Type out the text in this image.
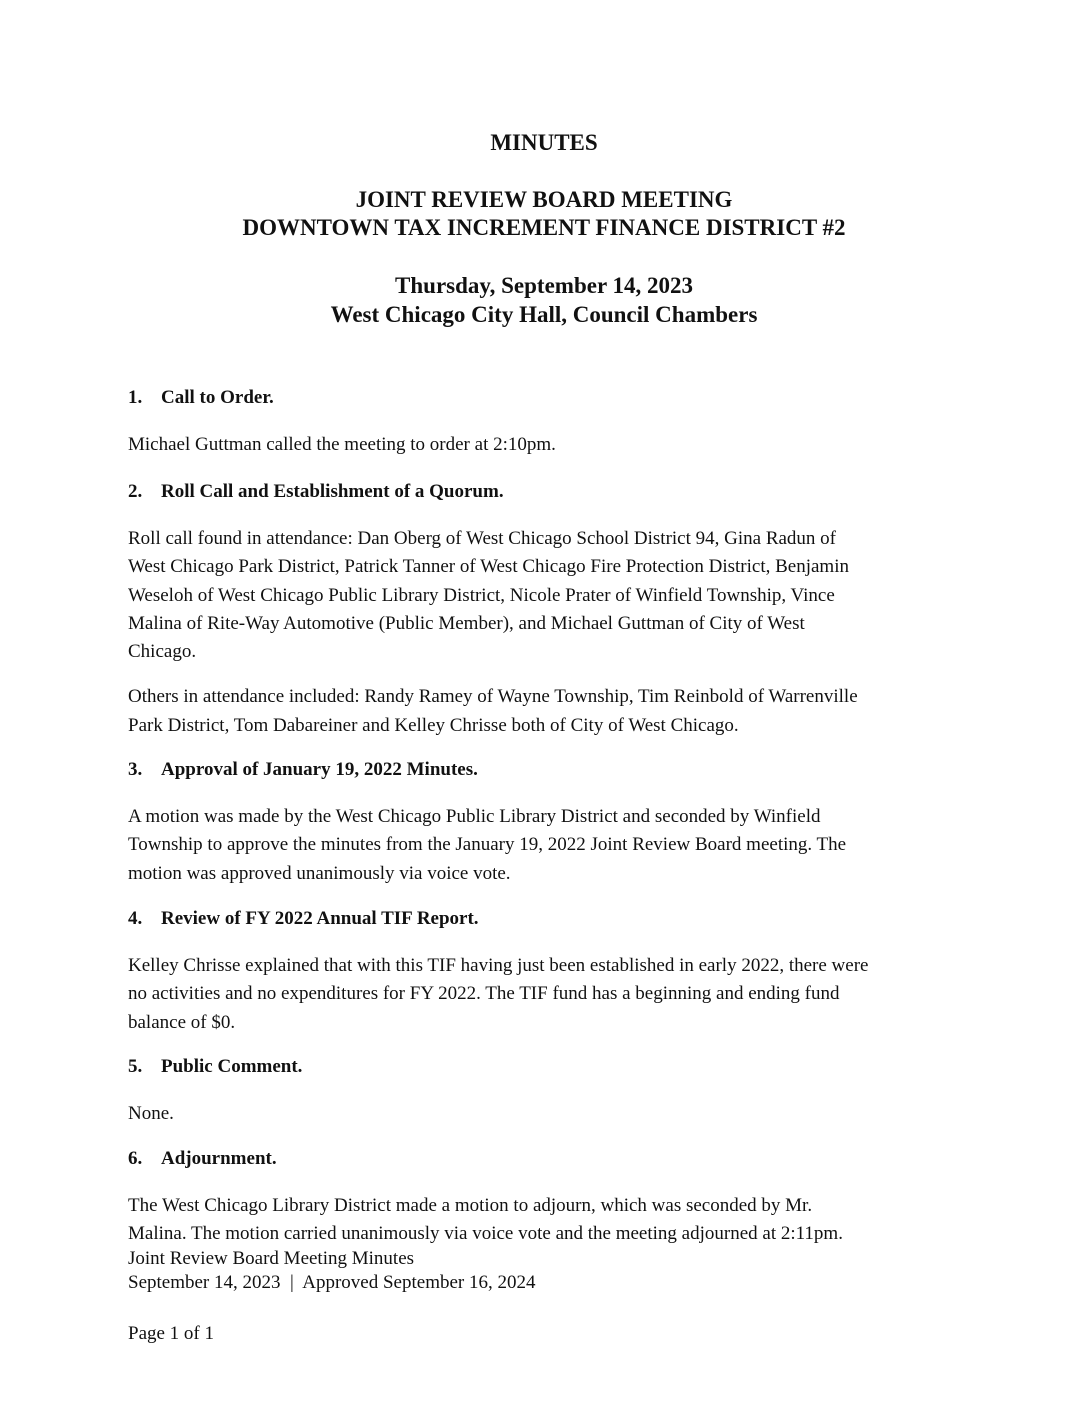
MINUTES
JOINT REVIEW BOARD MEETING
DOWNTOWN TAX INCREMENT FINANCE DISTRICT #2
Thursday, September 14, 2023
West Chicago City Hall, Council Chambers

1. Call to Order.

Michael Guttman called the meeting to order at 2:10pm.

2. Roll Call and Establishment of a Quorum.

Roll call found in attendance: Dan Oberg of West Chicago School District 94, Gina Radun of
West Chicago Park District, Patrick Tanner of West Chicago Fire Protection District, Benjamin
Weseloh of West Chicago Public Library District, Nicole Prater of Winfield Township, Vince
Malina of Rite-Way Automotive (Public Member), and Michael Guttman of City of West
Chicago.

Others in attendance included: Randy Ramey of Wayne Township, Tim Reinbold of Warrenville
Park District, Tom Dabareiner and Kelley Chrisse both of City of West Chicago.

3. Approval of January 19, 2022 Minutes.

A motion was made by the West Chicago Public Library District and seconded by Winfield
Township to approve the minutes from the January 19, 2022 Joint Review Board meeting. The
motion was approved unanimously via voice vote.

4. Review of FY 2022 Annual TIF Report.

Kelley Chrisse explained that with this TIF having just been established in early 2022, there were
no activities and no expenditures for FY 2022. The TIF fund has a beginning and ending fund
balance of $0.

5. Public Comment.

None.

6. Adjournment.

The West Chicago Library District made a motion to adjourn, which was seconded by Mr.
Malina. The motion carried unanimously via voice vote and the meeting adjourned at 2:11pm.

Joint Review Board Meeting Minutes

September 14, 2023  |  Approved September 16, 2024

Page 1 of 1
